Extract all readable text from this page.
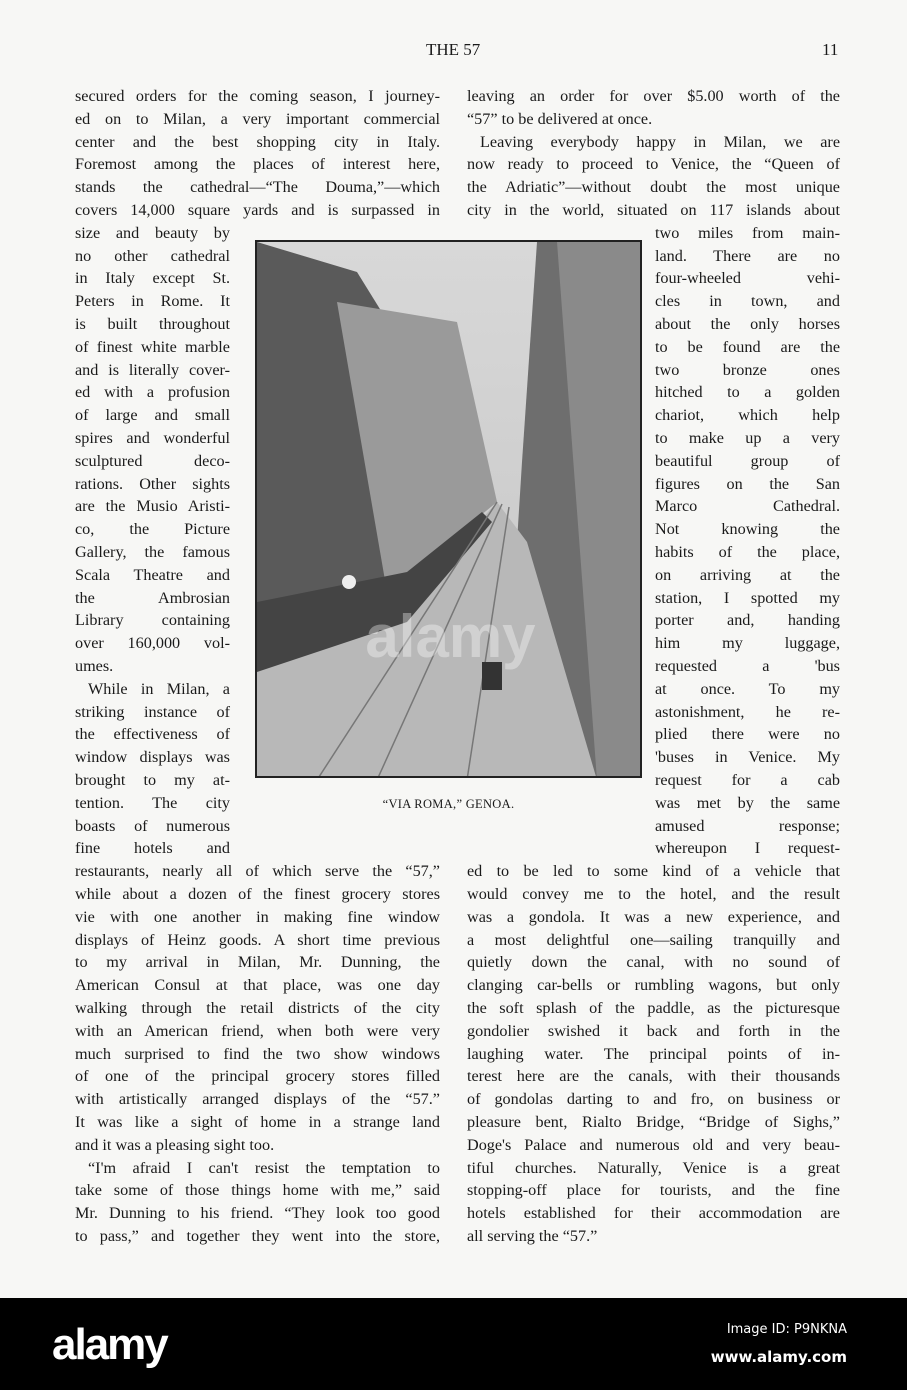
THE 57	11
secured orders for the coming season, I journey-
ed on to Milan, a very important commercial
center and the best shopping city in Italy.
Foremost among the places of interest here,
stands the cathedral—“The Douma,”—which
covers 14,000 square yards and is surpassed in
size and beauty by
no other cathedral
in Italy except St.
Peters in Rome. It
is built throughout
of finest white marble
and is literally cover-
ed with a profusion
of large and small
spires and wonderful
sculptured deco-
rations. Other sights
are the Musio Aristi-
co, the Picture
Gallery, the famous
Scala Theatre and
the Ambrosian
Library containing
over 160,000 vol-
umes.
While in Milan, a
striking instance of
the effectiveness of
window displays was
brought to my at-
tention. The city
boasts of numerous
fine hotels and
restaurants, nearly all of which serve the “57,”
while about a dozen of the finest grocery stores
vie with one another in making fine window
displays of Heinz goods. A short time previous
to my arrival in Milan, Mr. Dunning, the
American Consul at that place, was one day
walking through the retail districts of the city
with an American friend, when both were very
much surprised to find the two show windows
of one of the principal grocery stores filled
with artistically arranged displays of the “57.”
It was like a sight of home in a strange land
and it was a pleasing sight too.
“I'm afraid I can't resist the temptation to
take some of those things home with me,” said
Mr. Dunning to his friend. “They look too good
to pass,” and together they went into the store,
leaving an order for over $5.00 worth of the
“57” to be delivered at once.
Leaving everybody happy in Milan, we are
now ready to proceed to Venice, the “Queen of
the Adriatic”—without doubt the most unique
city in the world, situated on 117 islands about
two miles from main-
land. There are no
four-wheeled vehi-
cles in town, and
about the only horses
to be found are the
two bronze ones
hitched to a golden
chariot, which help
to make up a very
beautiful group of
figures on the San
Marco Cathedral.
Not knowing the
habits of the place,
on arriving at the
station, I spotted my
porter and, handing
him my luggage,
requested a 'bus
at once. To my
astonishment, he re-
plied there were no
'buses in Venice. My
request for a cab
was met by the same
amused response;
whereupon I request-
ed to be led to some kind of a vehicle that
would convey me to the hotel, and the result
was a gondola. It was a new experience, and
a most delightful one—sailing tranquilly and
quietly down the canal, with no sound of
clanging car-bells or rumbling wagons, but only
the soft splash of the paddle, as the picturesque
gondolier swished it back and forth in the
laughing water. The principal points of in-
terest here are the canals, with their thousands
of gondolas darting to and fro, on business or
pleasure bent, Rialto Bridge, “Bridge of Sighs,”
Doge's Palace and numerous old and very beau-
tiful churches. Naturally, Venice is a great
stopping-off place for tourists, and the fine
hotels established for their accommodation are
all serving the “57.”
alamy
“VIA ROMA,” GENOA.
alamy	Image ID: P9NKNA
www.alamy.com
